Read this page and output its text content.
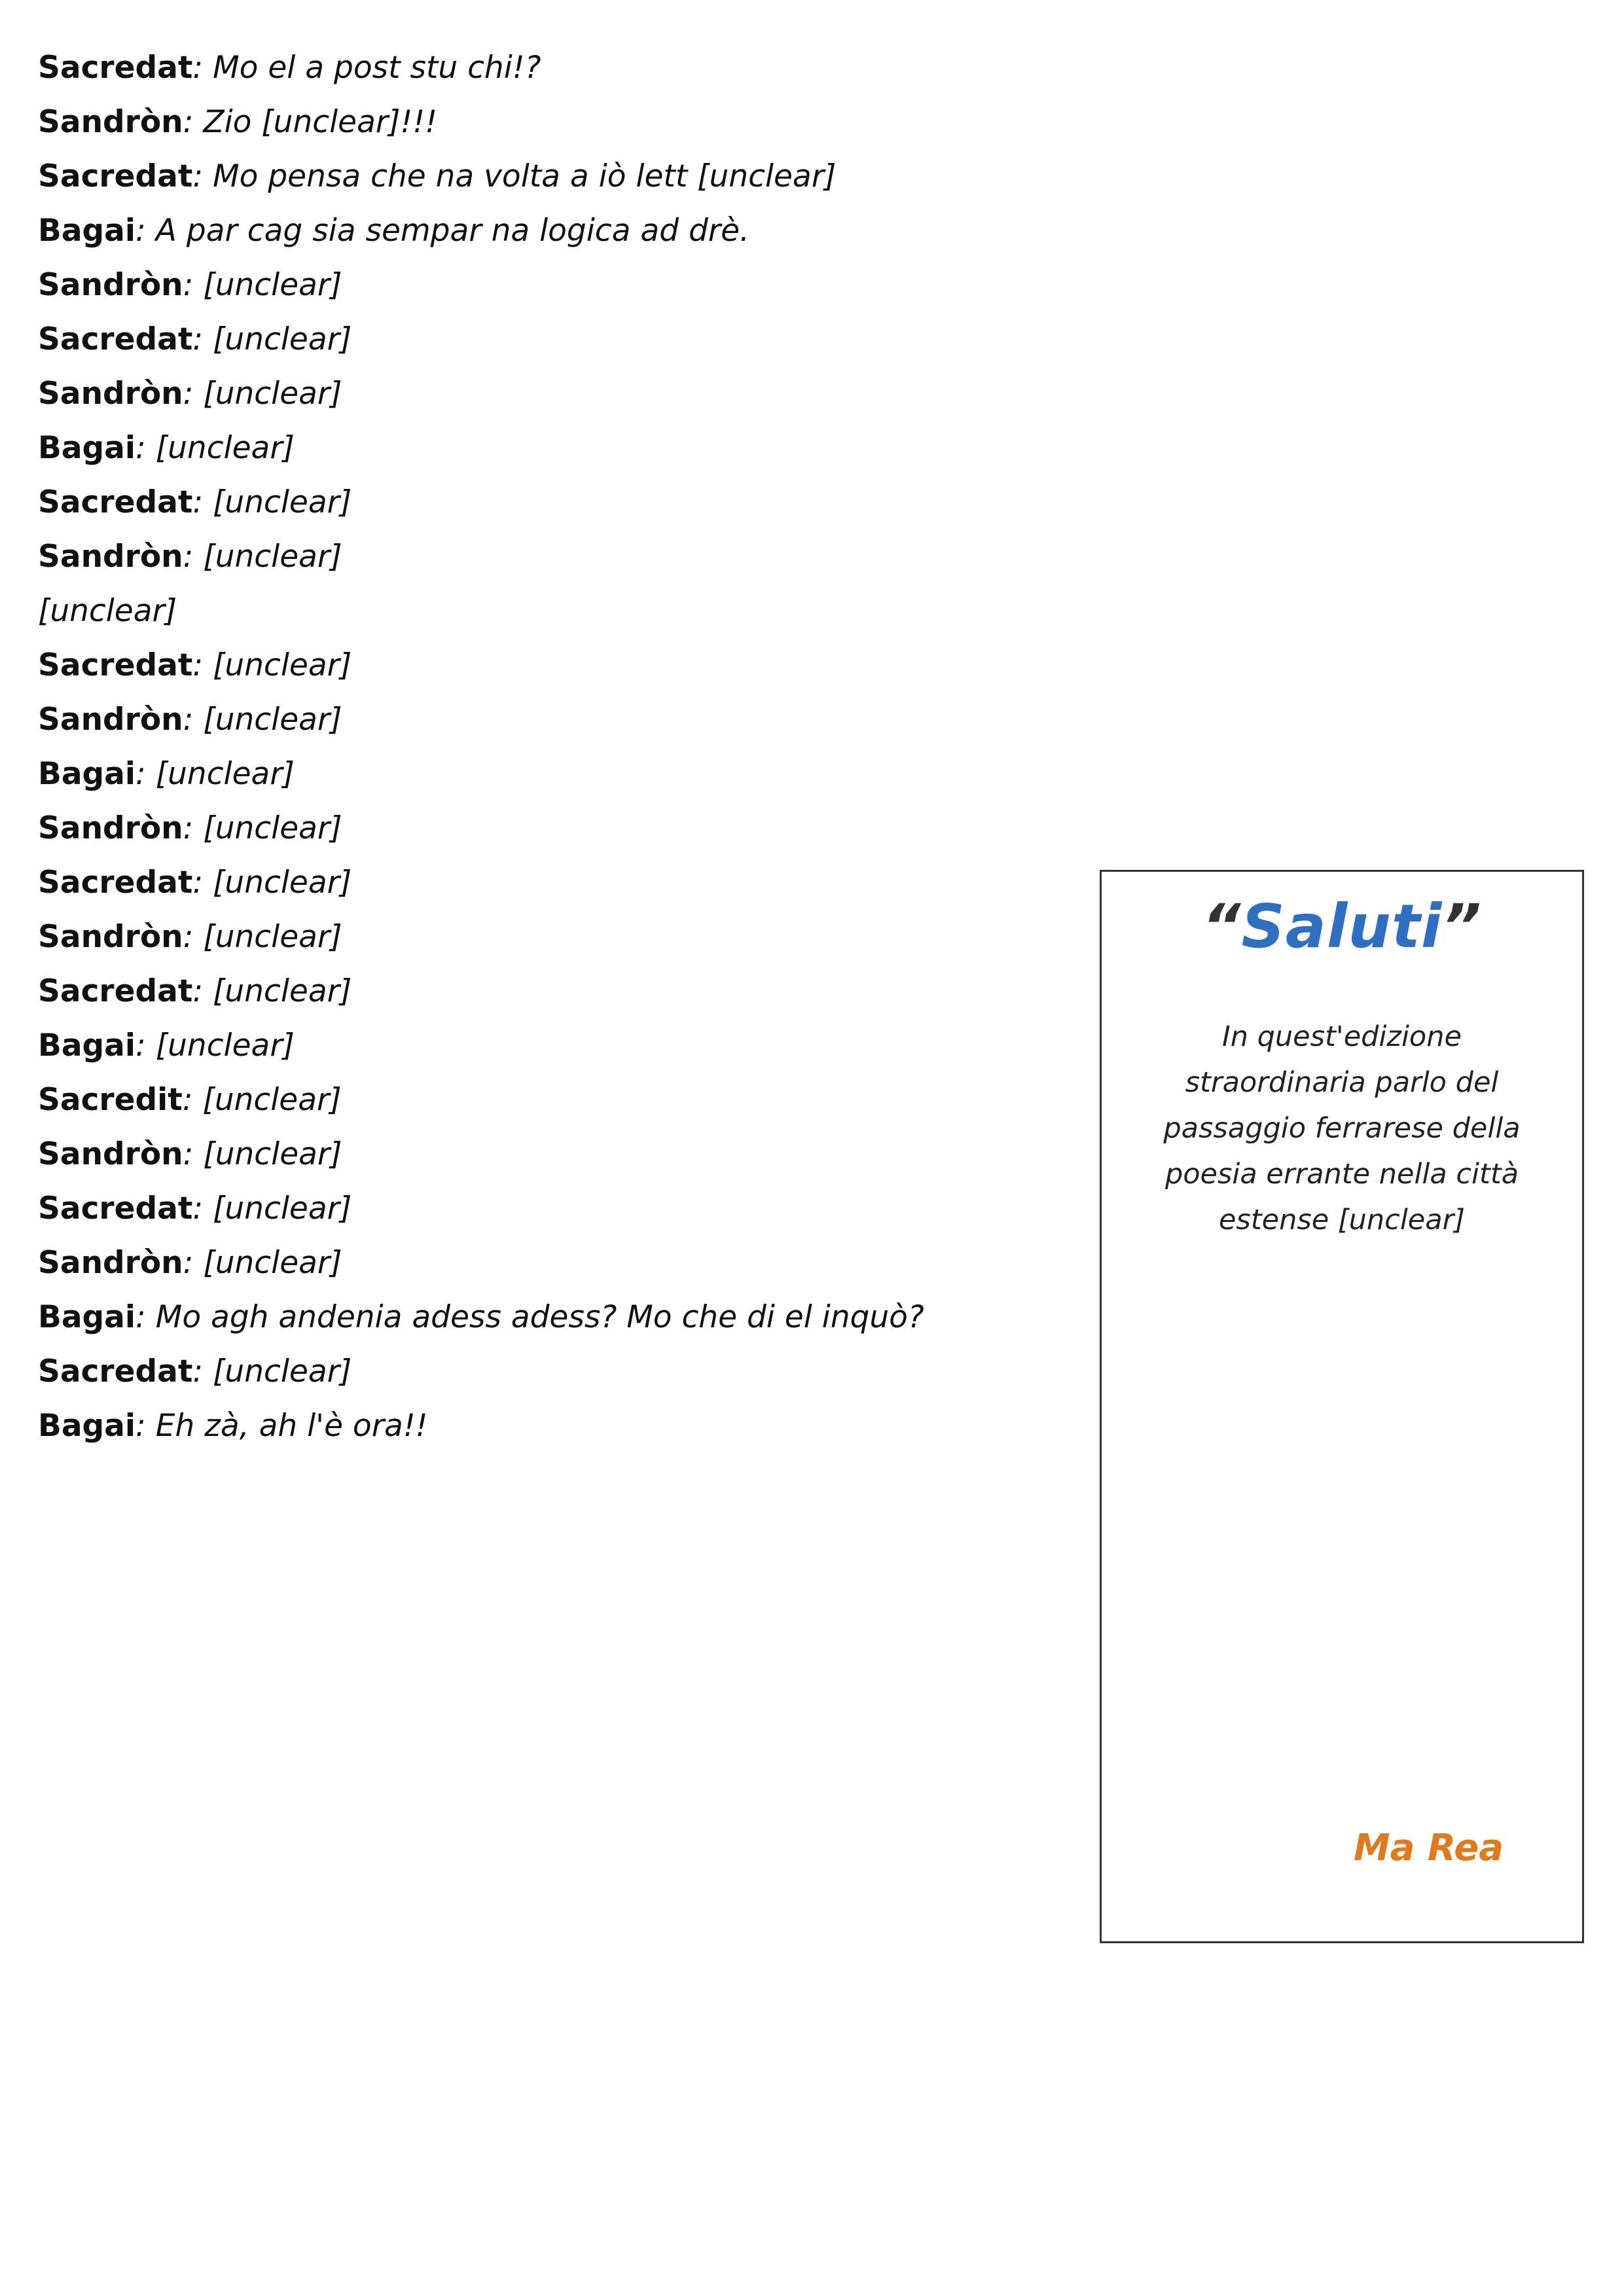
Sacredat: Mo el a post stu chi!?

Sandròn: Zio [unclear]!!!

Sacredat: Mo pensa che na volta a iò lett [unclear]

Bagai: A par cag sia sempar na logica ad drè.

Sandròn: [unclear]

Sacredat: [unclear]

Sandròn: [unclear]

Bagai: [unclear]

Sacredat: [unclear]

Sandròn: [unclear]

[unclear]

Sacredat: [unclear]

Sandròn: [unclear]

Bagai: [unclear]

Sandròn: [unclear]

Sacredat: [unclear]

Sandròn: [unclear]

Sacredat: [unclear]

Bagai: [unclear]

Sacredit: [unclear]

Sandròn: [unclear]

Sacredat: [unclear]

Sandròn: [unclear]

Bagai: Mo agh andenia adess adess? Mo che di el inquò?

Sacredat: [unclear]

Bagai: Eh zà, ah l'è ora!!

“Saluti”
In quest'edizione straordinaria parlo del passaggio ferrarese della poesia errante nella città estense [unclear]
Ma Rea
